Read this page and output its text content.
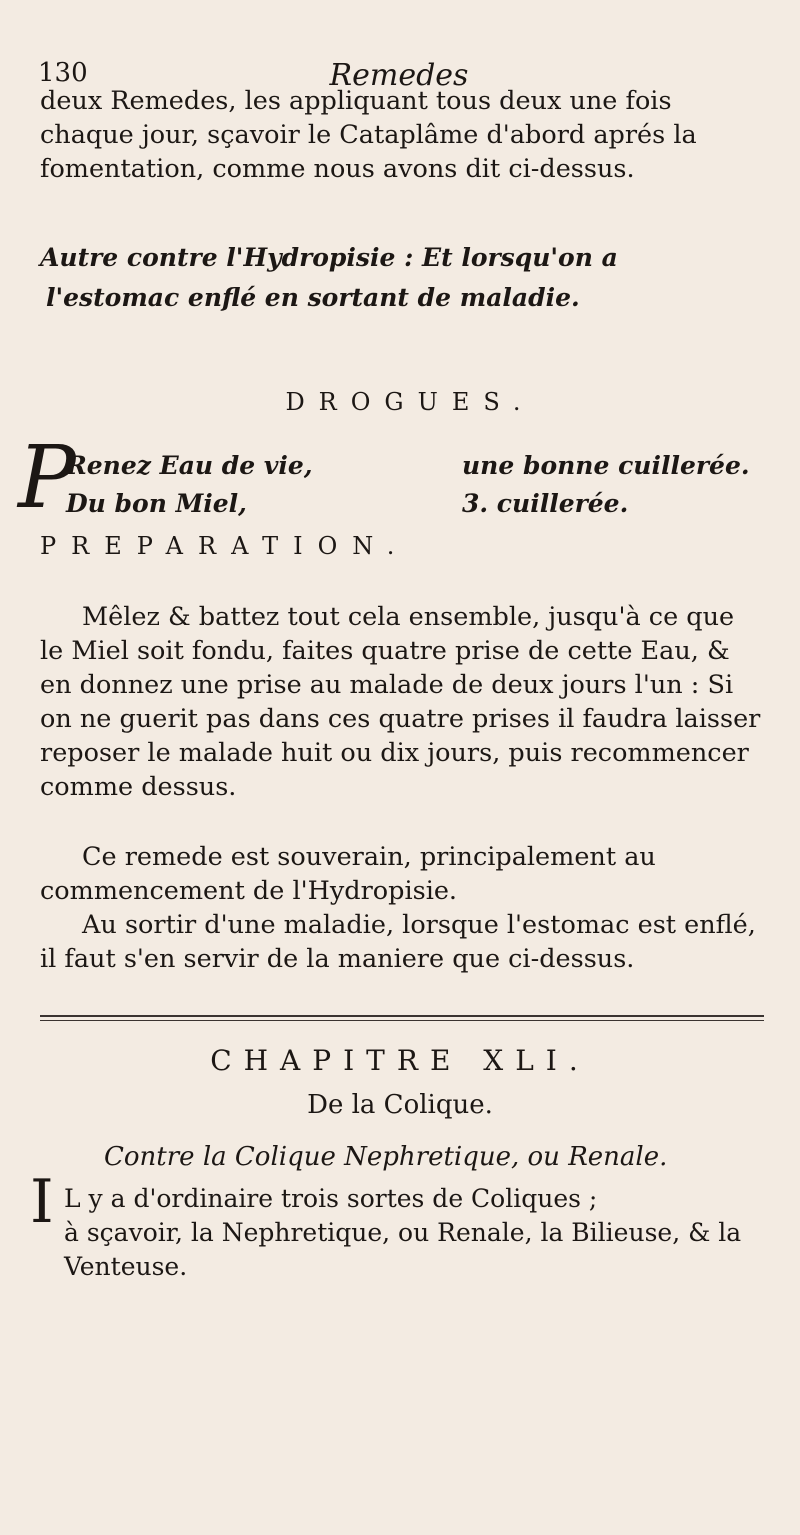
130	Remedes
deux Remedes, les appliquant tous deux une fois chaque jour, sçavoir le Cataplâme d'abord aprés la fomentation, comme nous avons dit ci-dessus.
Autre contre l'Hydropisie : Et lorsqu'on a
l'estomac enflé en sortant de maladie.
DROGUES.
P
Renez Eau de vie,	une bonne cuillerée.
Du bon Miel,	3. cuillerée.
PREPARATION.
Mêlez & battez tout cela ensemble, jusqu'à ce que le Miel soit fondu, faites quatre prise de cette Eau, & en donnez une prise au malade de deux jours l'un : Si on ne guerit pas dans ces quatre prises il faudra laisser reposer le malade huit ou dix jours, puis recommencer comme dessus.
Ce remede est souverain, principalement au commencement de l'Hydropisie.
Au sortir d'une maladie, lorsque l'estomac est enflé, il faut s'en servir de la maniere que ci-dessus.
CHAPITRE XLI.
De la Colique.
Contre la Colique Nephretique, ou Renale.
I L y a d'ordinaire trois sortes de Coliques ;
à sçavoir, la Nephretique, ou Renale, la Bilieuse, & la Venteuse.
